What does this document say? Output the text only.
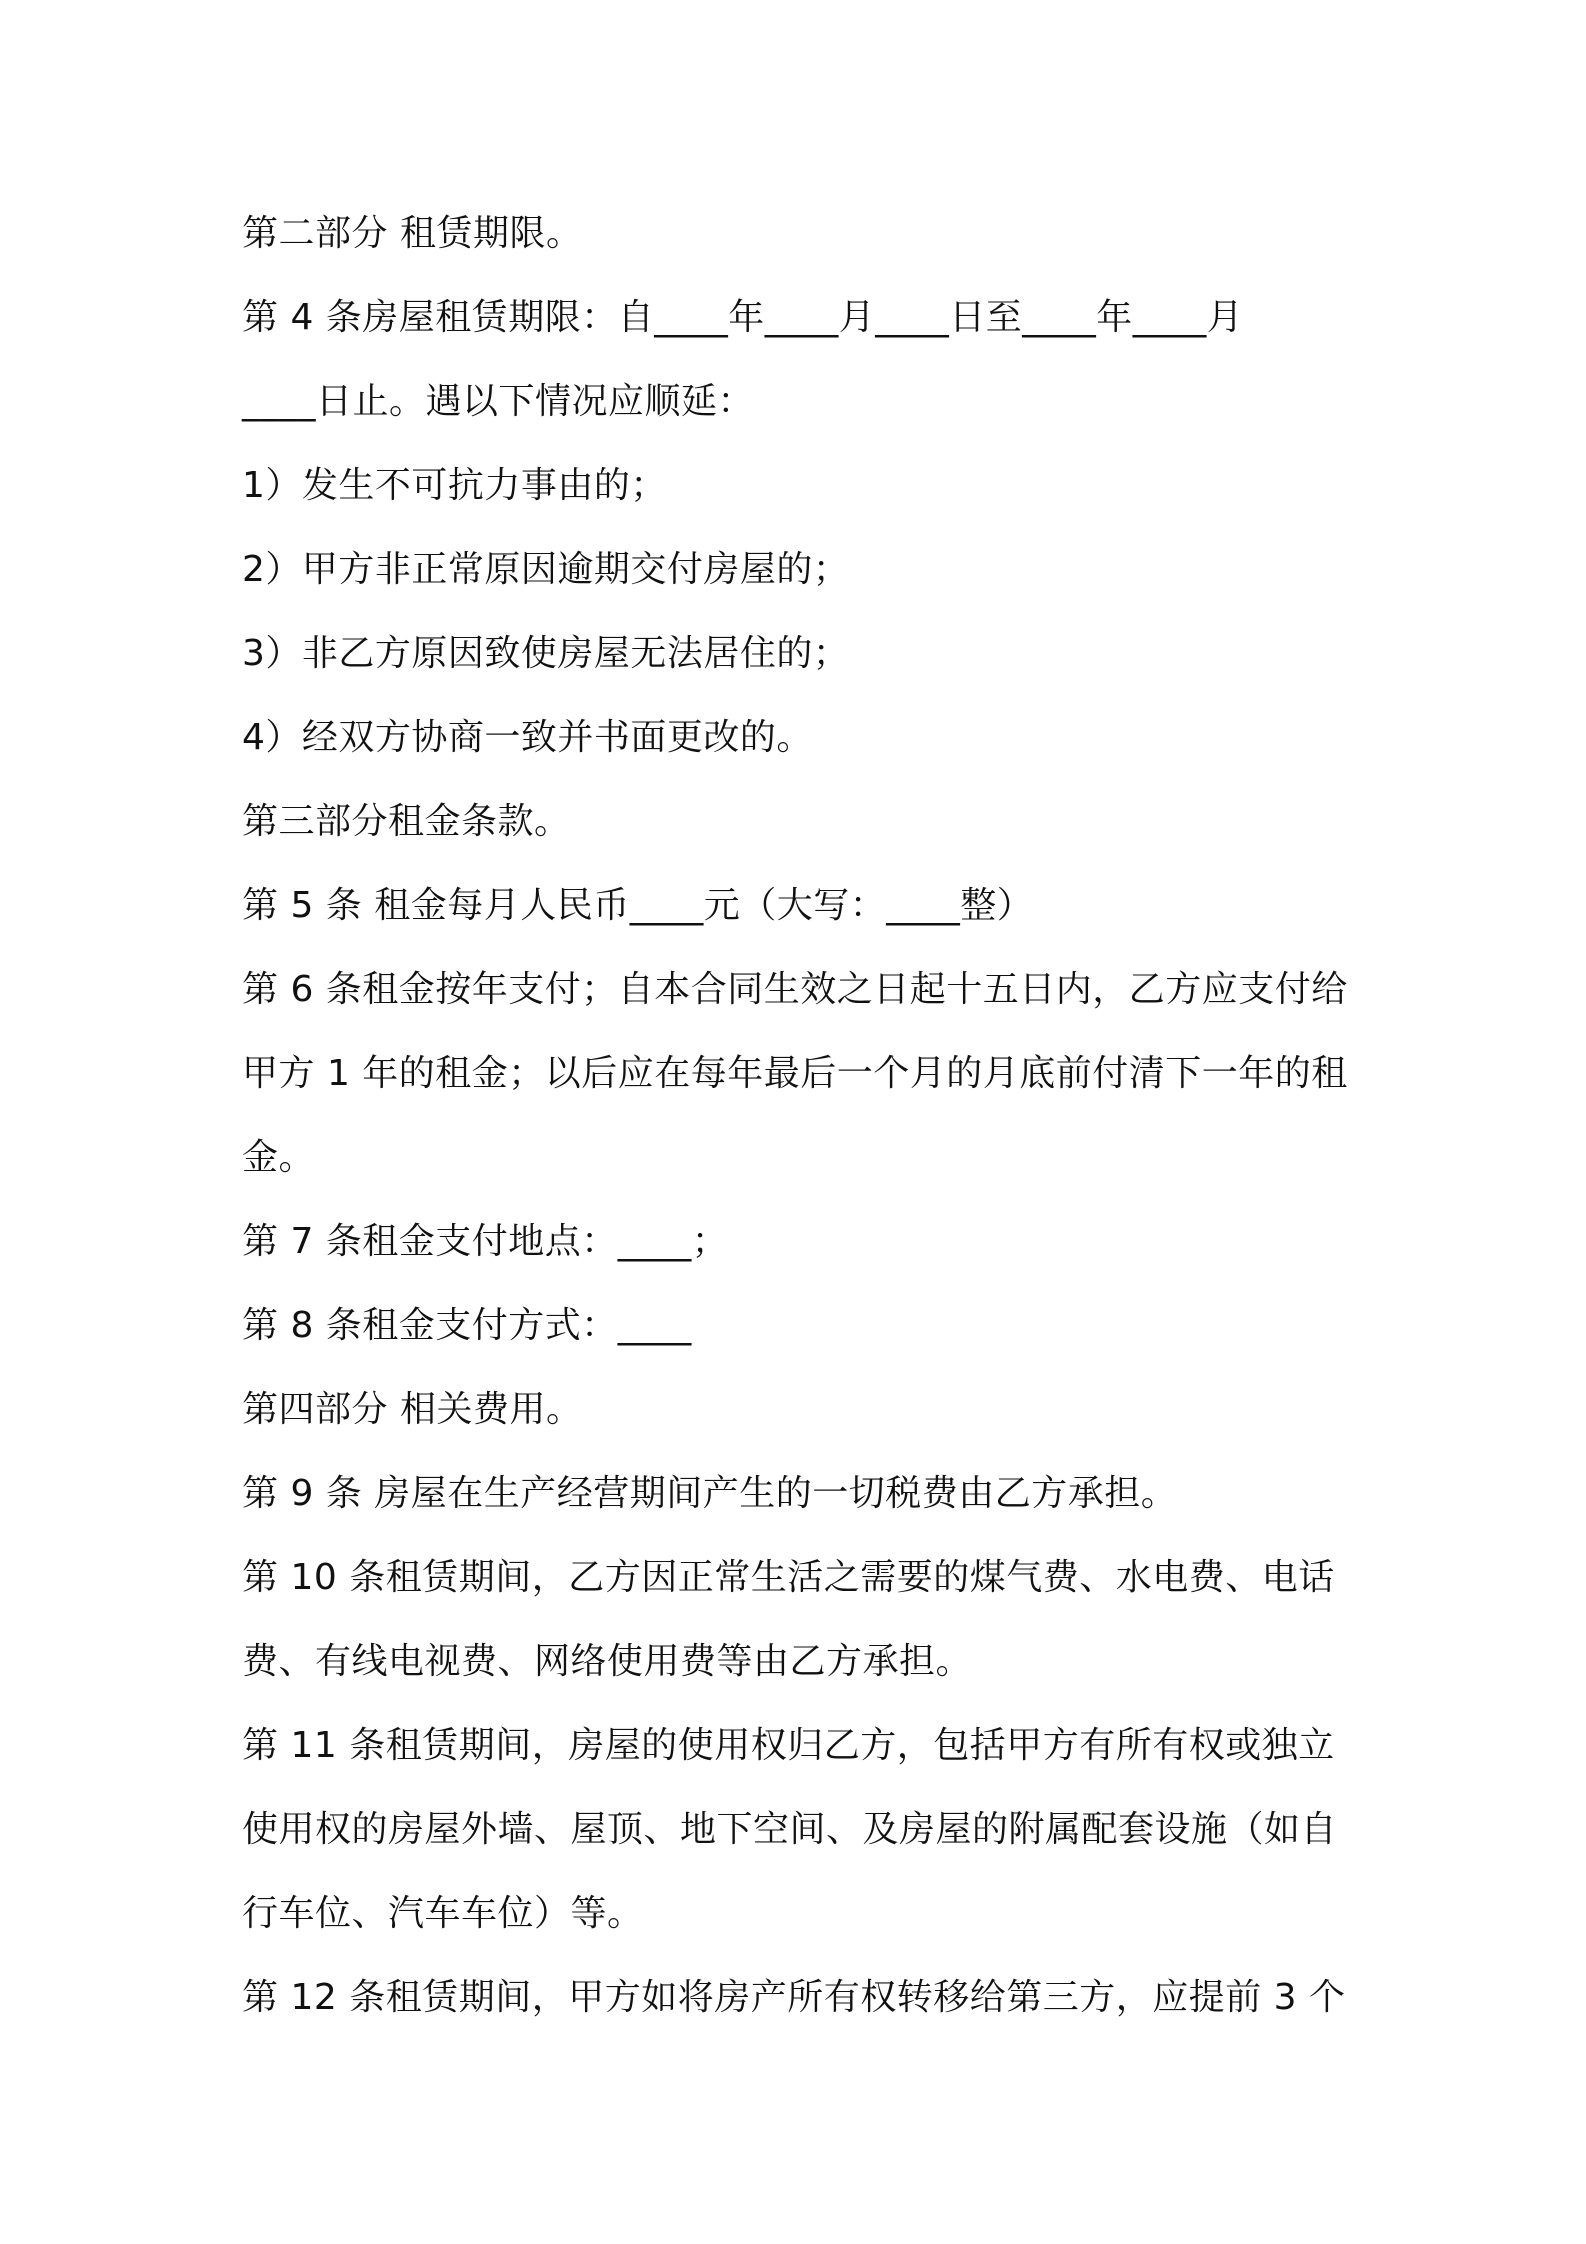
第二部分 租赁期限。
第 4 条房屋租赁期限：自____年____月____日至____年____月
____日止。遇以下情况应顺延：
1）发生不可抗力事由的；
2）甲方非正常原因逾期交付房屋的；
3）非乙方原因致使房屋无法居住的；
4）经双方协商一致并书面更改的。
第三部分租金条款。
第 5 条 租金每月人民币____元（大写：____整）
第 6 条租金按年支付；自本合同生效之日起十五日内，乙方应支付给
甲方 1 年的租金；以后应在每年最后一个月的月底前付清下一年的租
金。
第 7 条租金支付地点：____；
第 8 条租金支付方式：____
第四部分 相关费用。
第 9 条 房屋在生产经营期间产生的一切税费由乙方承担。
第 10 条租赁期间，乙方因正常生活之需要的煤气费、水电费、电话
费、有线电视费、网络使用费等由乙方承担。
第 11 条租赁期间，房屋的使用权归乙方，包括甲方有所有权或独立
使用权的房屋外墙、屋顶、地下空间、及房屋的附属配套设施（如自
行车位、汽车车位）等。
第 12 条租赁期间，甲方如将房产所有权转移给第三方，应提前 3 个
